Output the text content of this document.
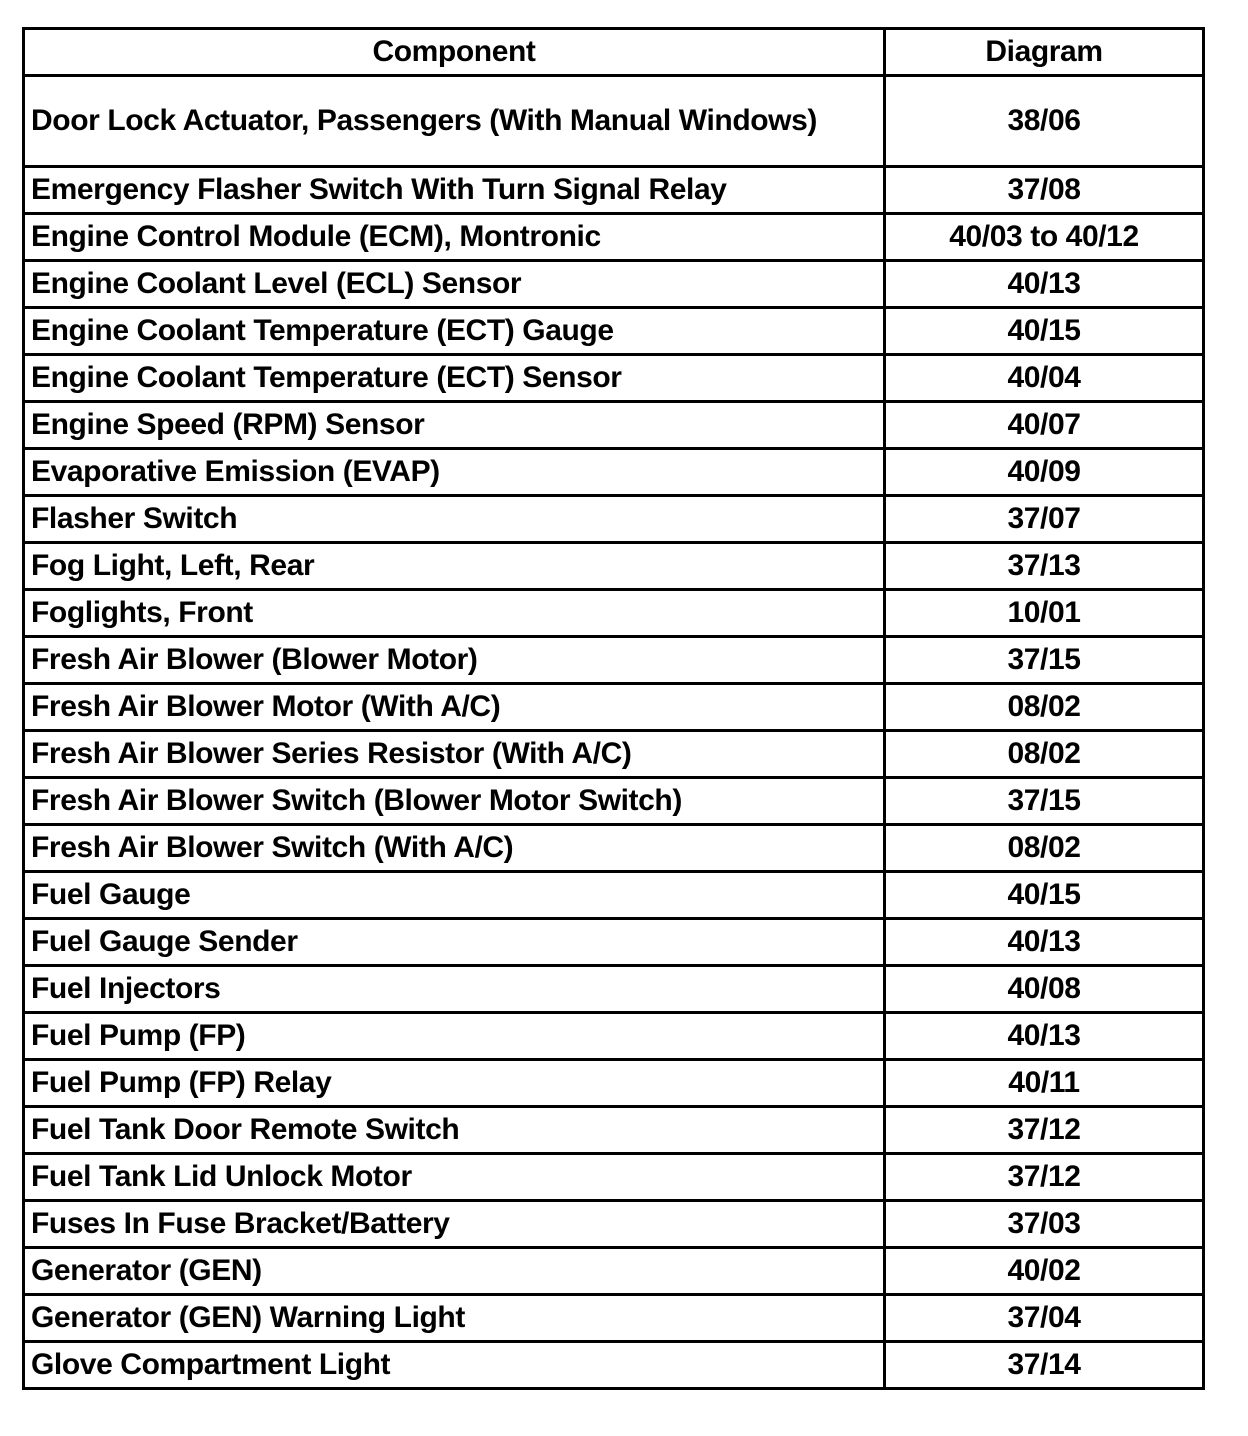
Component	Diagram
Door Lock Actuator, Passengers (With Manual Windows)	38/06
Emergency Flasher Switch With Turn Signal Relay	37/08
Engine Control Module (ECM), Montronic	40/03 to 40/12
Engine Coolant Level (ECL) Sensor	40/13
Engine Coolant Temperature (ECT) Gauge	40/15
Engine Coolant Temperature (ECT) Sensor	40/04
Engine Speed (RPM) Sensor	40/07
Evaporative Emission (EVAP)	40/09
Flasher Switch	37/07
Fog Light, Left, Rear	37/13
Foglights, Front	10/01
Fresh Air Blower (Blower Motor)	37/15
Fresh Air Blower Motor (With A/C)	08/02
Fresh Air Blower Series Resistor (With A/C)	08/02
Fresh Air Blower Switch (Blower Motor Switch)	37/15
Fresh Air Blower Switch (With A/C)	08/02
Fuel Gauge	40/15
Fuel Gauge Sender	40/13
Fuel Injectors	40/08
Fuel Pump (FP)	40/13
Fuel Pump (FP) Relay	40/11
Fuel Tank Door Remote Switch	37/12
Fuel Tank Lid Unlock Motor	37/12
Fuses In Fuse Bracket/Battery	37/03
Generator (GEN)	40/02
Generator (GEN) Warning Light	37/04
Glove Compartment Light	37/14
